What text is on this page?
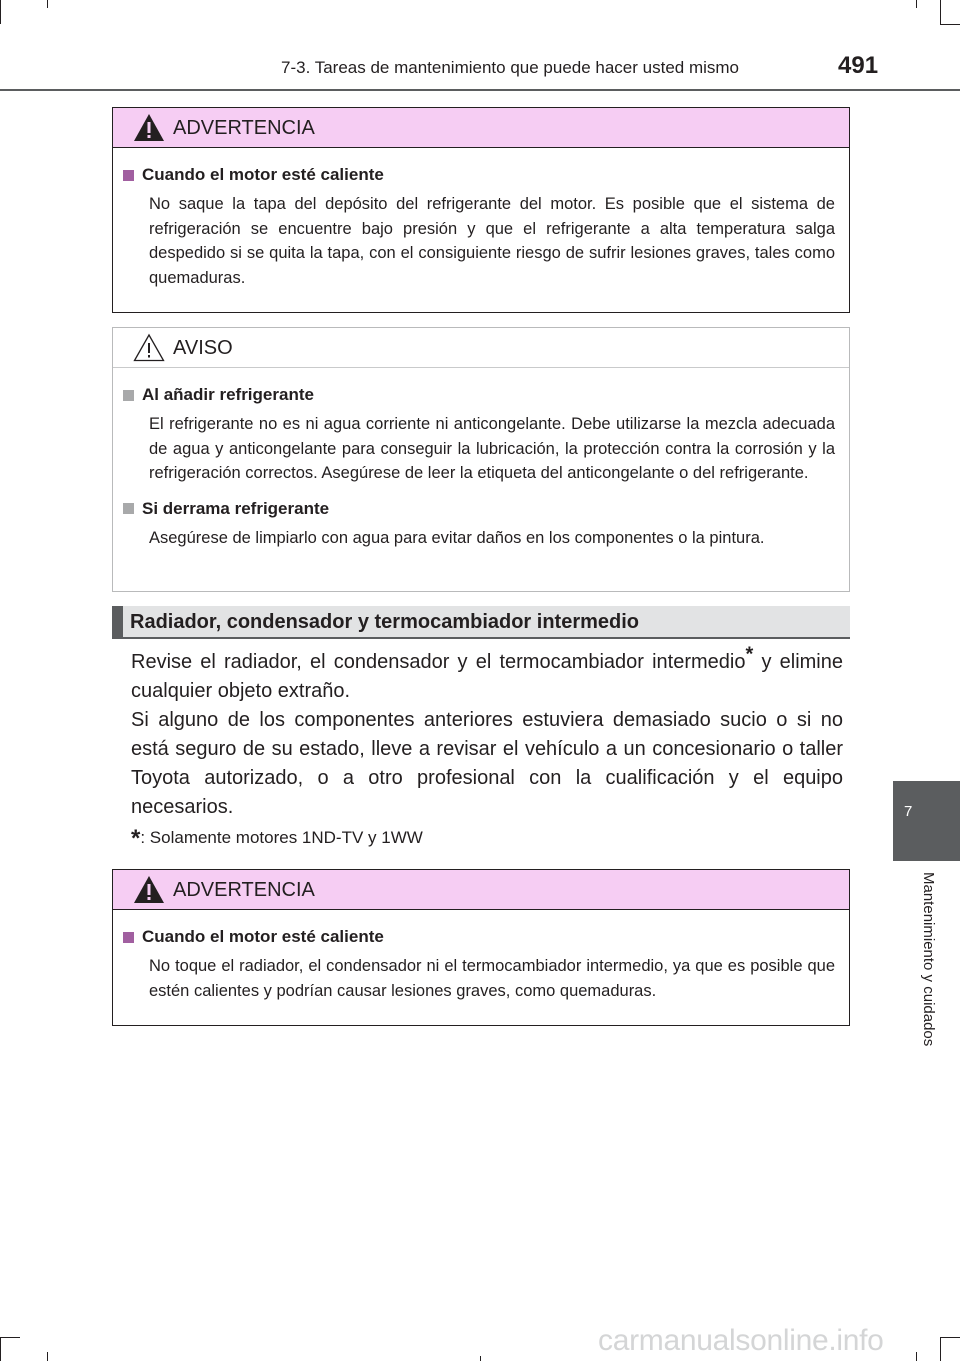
7-3. Tareas de mantenimiento que puede hacer usted mismo	491
7
Mantenimiento y cuidados
ADVERTENCIA
Cuando el motor esté caliente
No saque la tapa del depósito del refrigerante del motor. Es posible que el sistema de refrigeración se encuentre bajo presión y que el refrigerante a alta temperatura salga despedido si se quita la tapa, con el consiguiente riesgo de sufrir lesiones graves, tales como quemaduras.
AVISO
Al añadir refrigerante
El refrigerante no es ni agua corriente ni anticongelante. Debe utilizarse la mezcla adecuada de agua y anticongelante para conseguir la lubricación, la protección contra la corrosión y la refrigeración correctos. Asegúrese de leer la etiqueta del anticongelante o del refrigerante.
Si derrama refrigerante
Asegúrese de limpiarlo con agua para evitar daños en los componentes o la pintura.
Radiador, condensador y termocambiador intermedio

Revise el radiador, el condensador y el termocambiador intermedio* y elimine cualquier objeto extraño.

Si alguno de los componentes anteriores estuviera demasiado sucio o si no está seguro de su estado, lleve a revisar el vehículo a un concesionario o taller Toyota autorizado, o a otro profesional con la cualificación y el equipo necesarios.

*: Solamente motores 1ND-TV y 1WW
ADVERTENCIA
Cuando el motor esté caliente
No toque el radiador, el condensador ni el termocambiador intermedio, ya que es posible que estén calientes y podrían causar lesiones graves, como quemaduras.
carmanualsonline.info
